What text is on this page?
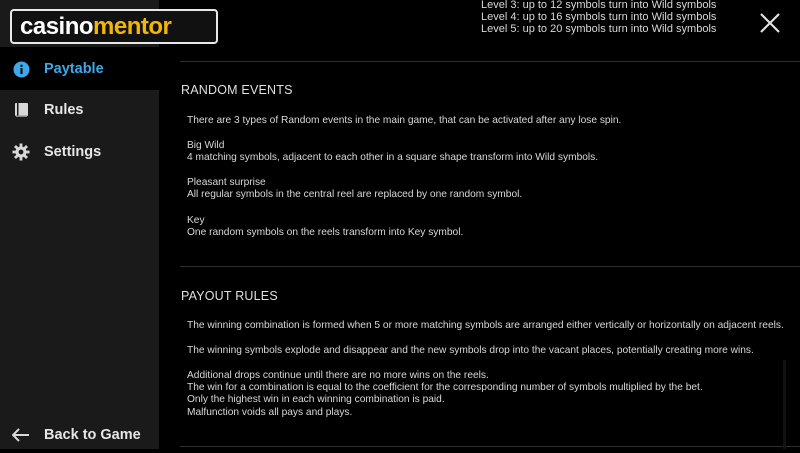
Paytable
Rules
Settings
Back to Game
casino mentor
Level 3: up to 12 symbols turn into Wild symbols
Level 4: up to 16 symbols turn into Wild symbols
Level 5: up to 20 symbols turn into Wild symbols
RANDOM EVENTS
There are 3 types of Random events in the main game, that can be activated after any lose spin.
Big Wild
4 matching symbols, adjacent to each other in a square shape transform into Wild symbols.
Pleasant surprise
All regular symbols in the central reel are replaced by one random symbol.
Key
One random symbols on the reels transform into Key symbol.
PAYOUT RULES
The winning combination is formed when 5 or more matching symbols are arranged either vertically or horizontally on adjacent reels.
The winning symbols explode and disappear and the new symbols drop into the vacant places, potentially creating more wins.
Additional drops continue until there are no more wins on the reels.
The win for a combination is equal to the coefficient for the corresponding number of symbols multiplied by the bet.
Only the highest win in each winning combination is paid.
Malfunction voids all pays and plays.
